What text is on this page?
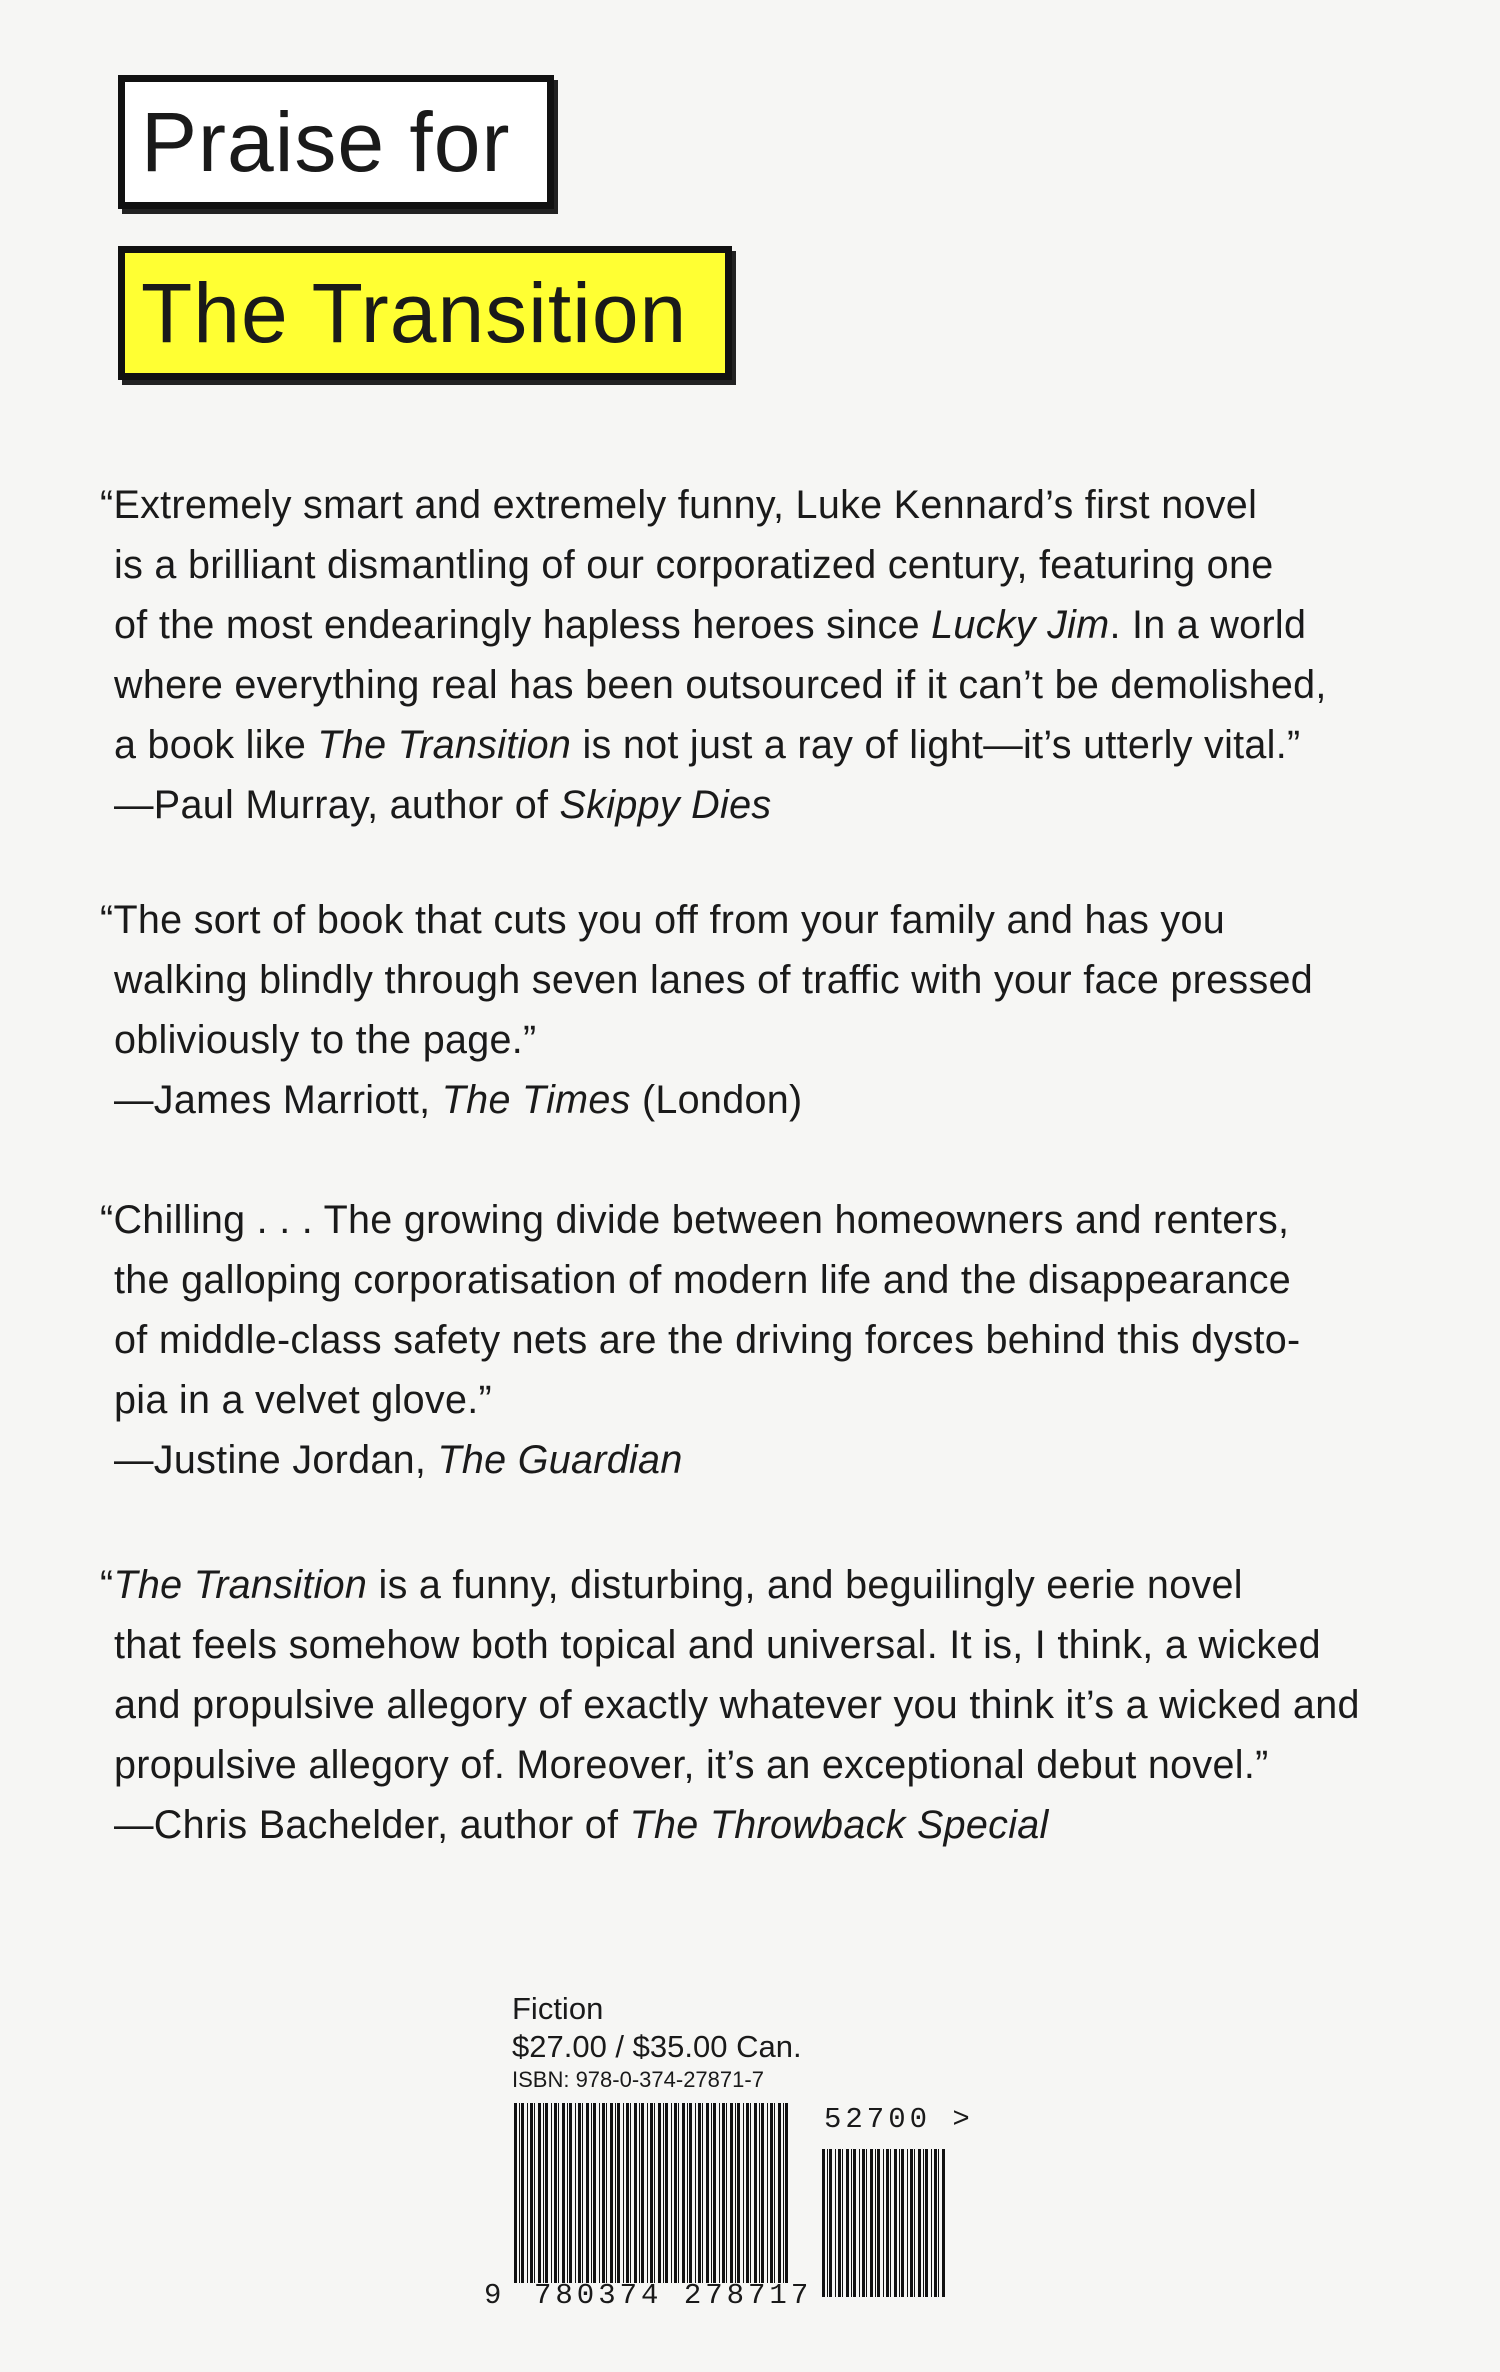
Praise for
The Transition
“Extremely smart and extremely funny, Luke Kennard’s first novel
is a brilliant dismantling of our corporatized century, featuring one
of the most endearingly hapless heroes since Lucky Jim. In a world
where everything real has been outsourced if it can’t be demolished,
a book like The Transition is not just a ray of light—it’s utterly vital.”
—Paul Murray, author of Skippy Dies
“The sort of book that cuts you off from your family and has you
walking blindly through seven lanes of traffic with your face pressed
obliviously to the page.”
—James Marriott, The Times (London)
“Chilling . . . The growing divide between homeowners and renters,
the galloping corporatisation of modern life and the disappearance
of middle-class safety nets are the driving forces behind this dysto-
pia in a velvet glove.”
—Justine Jordan, The Guardian
“The Transition is a funny, disturbing, and beguilingly eerie novel
that feels somehow both topical and universal. It is, I think, a wicked
and propulsive allegory of exactly whatever you think it’s a wicked and
propulsive allegory of. Moreover, it’s an exceptional debut novel.”
—Chris Bachelder, author of The Throwback Special
Fiction
$27.00 / $35.00 Can.
ISBN: 978-0-374-27871-7
9 780374 278717
52700 >
